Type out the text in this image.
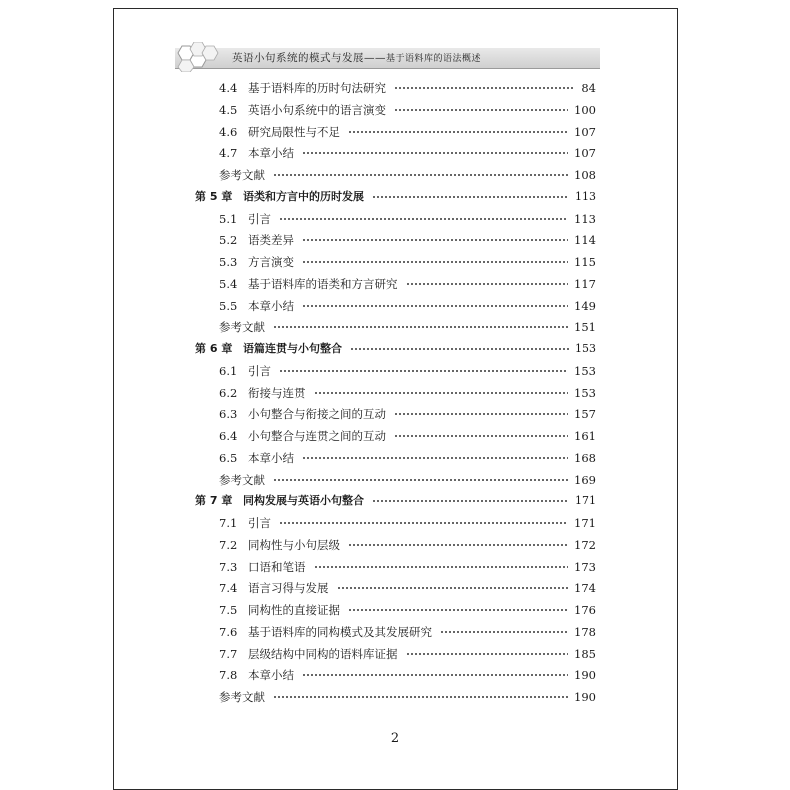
英语小句系统的模式与发展——基于语料库的语法概述
4.4 基于语料库的历时句法研究	84
4.5 英语小句系统中的语言演变	100
4.6 研究局限性与不足	107
4.7 本章小结	107
参考文献	108
第 5 章 语类和方言中的历时发展	113
5.1 引言	113
5.2 语类差异	114
5.3 方言演变	115
5.4 基于语料库的语类和方言研究	117
5.5 本章小结	149
参考文献	151
第 6 章 语篇连贯与小句整合	153
6.1 引言	153
6.2 衔接与连贯	153
6.3 小句整合与衔接之间的互动	157
6.4 小句整合与连贯之间的互动	161
6.5 本章小结	168
参考文献	169
第 7 章 同构发展与英语小句整合	171
7.1 引言	171
7.2 同构性与小句层级	172
7.3 口语和笔语	173
7.4 语言习得与发展	174
7.5 同构性的直接证据	176
7.6 基于语料库的同构模式及其发展研究	178
7.7 层级结构中同构的语料库证据	185
7.8 本章小结	190
参考文献	190
2
